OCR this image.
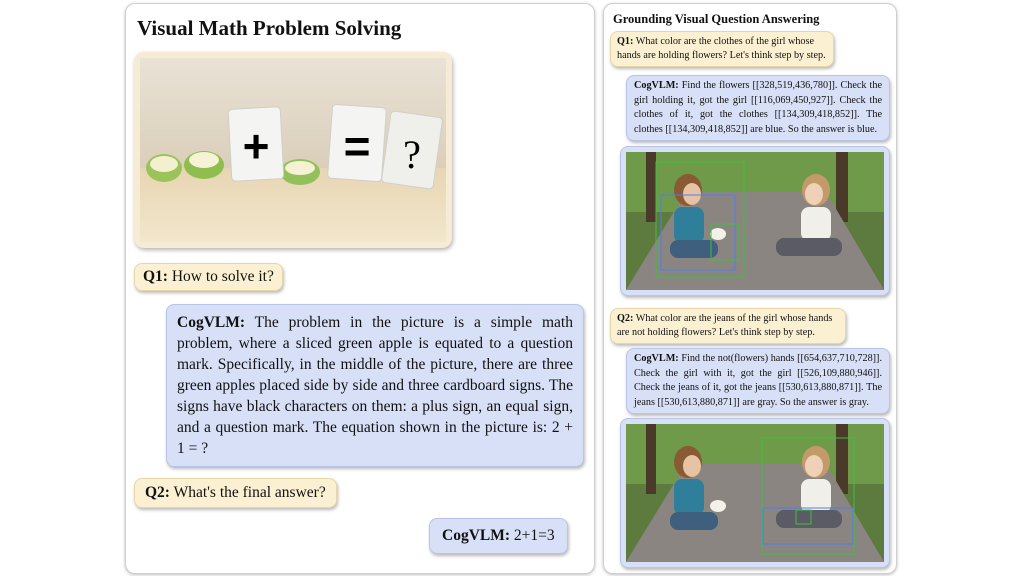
Visual Math Problem Solving
+ = ?
Q1: How to solve it?
CogVLM: The problem in the picture is a simple math problem, where a sliced green apple is equated to a question mark. Specifically, in the middle of the picture, there are three green apples placed side by side and three cardboard signs. The signs have black characters on them: a plus sign, an equal sign, and a question mark. The equation shown in the picture is: 2 + 1 = ?
Q2: What's the final answer?
CogVLM: 2+1=3
Grounding Visual Question Answering
Q1: What color are the clothes of the girl whose hands are holding flowers? Let's think step by step.
CogVLM: Find the flowers [[328,519,436,780]]. Check the girl holding it, got the girl [[116,069,450,927]]. Check the clothes of it, got the clothes [[134,309,418,852]]. The clothes [[134,309,418,852]] are blue. So the answer is blue.
Q2: What color are the jeans of the girl whose hands are not holding flowers? Let's think step by step.
CogVLM: Find the not(flowers) hands [[654,637,710,728]]. Check the girl with it, got the girl [[526,109,880,946]]. Check the jeans of it, got the jeans [[530,613,880,871]]. The jeans [[530,613,880,871]] are gray. So the answer is gray.
